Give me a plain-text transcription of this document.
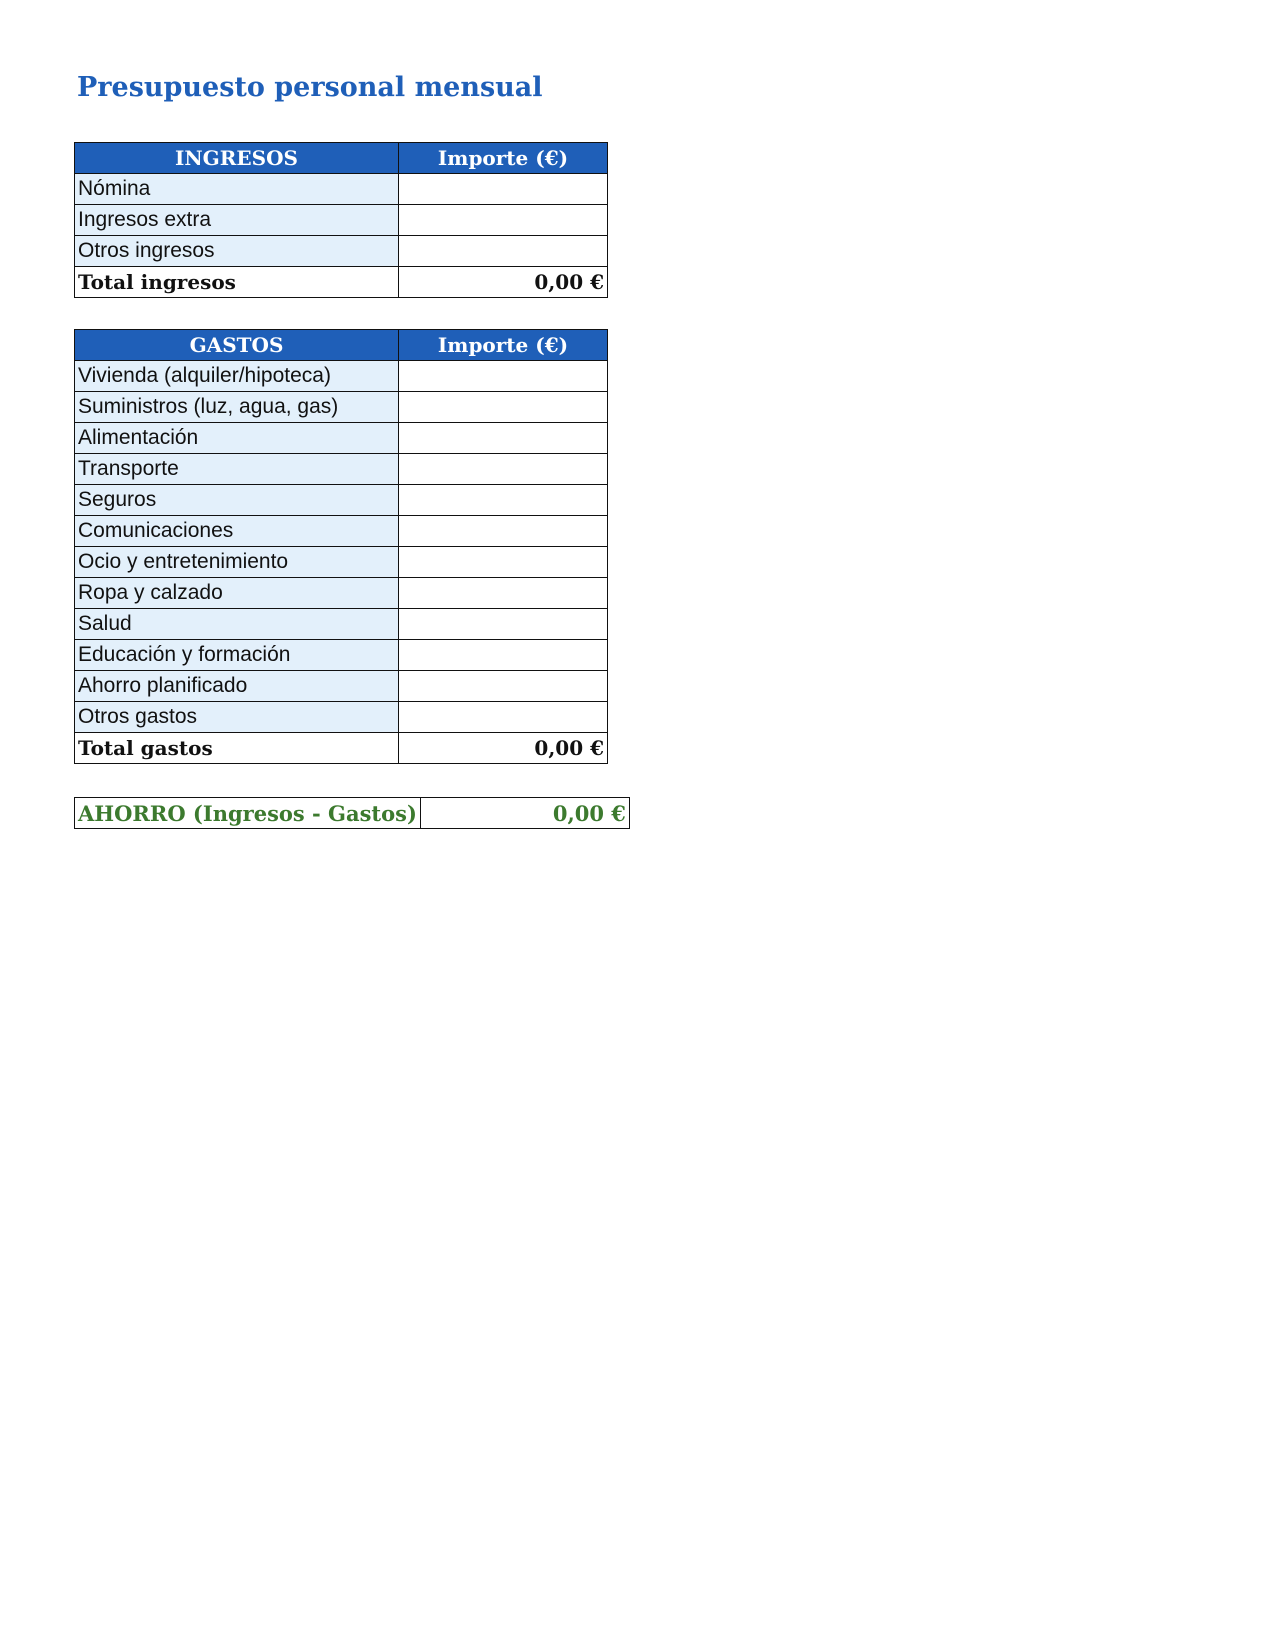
Presupuesto personal mensual
INGRESOS	Importe (€)
Nómina	
Ingresos extra	
Otros ingresos	
Total ingresos	0,00 €
GASTOS	Importe (€)
Vivienda (alquiler/hipoteca)	
Suministros (luz, agua, gas)	
Alimentación	
Transporte	
Seguros	
Comunicaciones	
Ocio y entretenimiento	
Ropa y calzado	
Salud	
Educación y formación	
Ahorro planificado	
Otros gastos	
Total gastos	0,00 €
AHORRO (Ingresos - Gastos)	0,00 €
